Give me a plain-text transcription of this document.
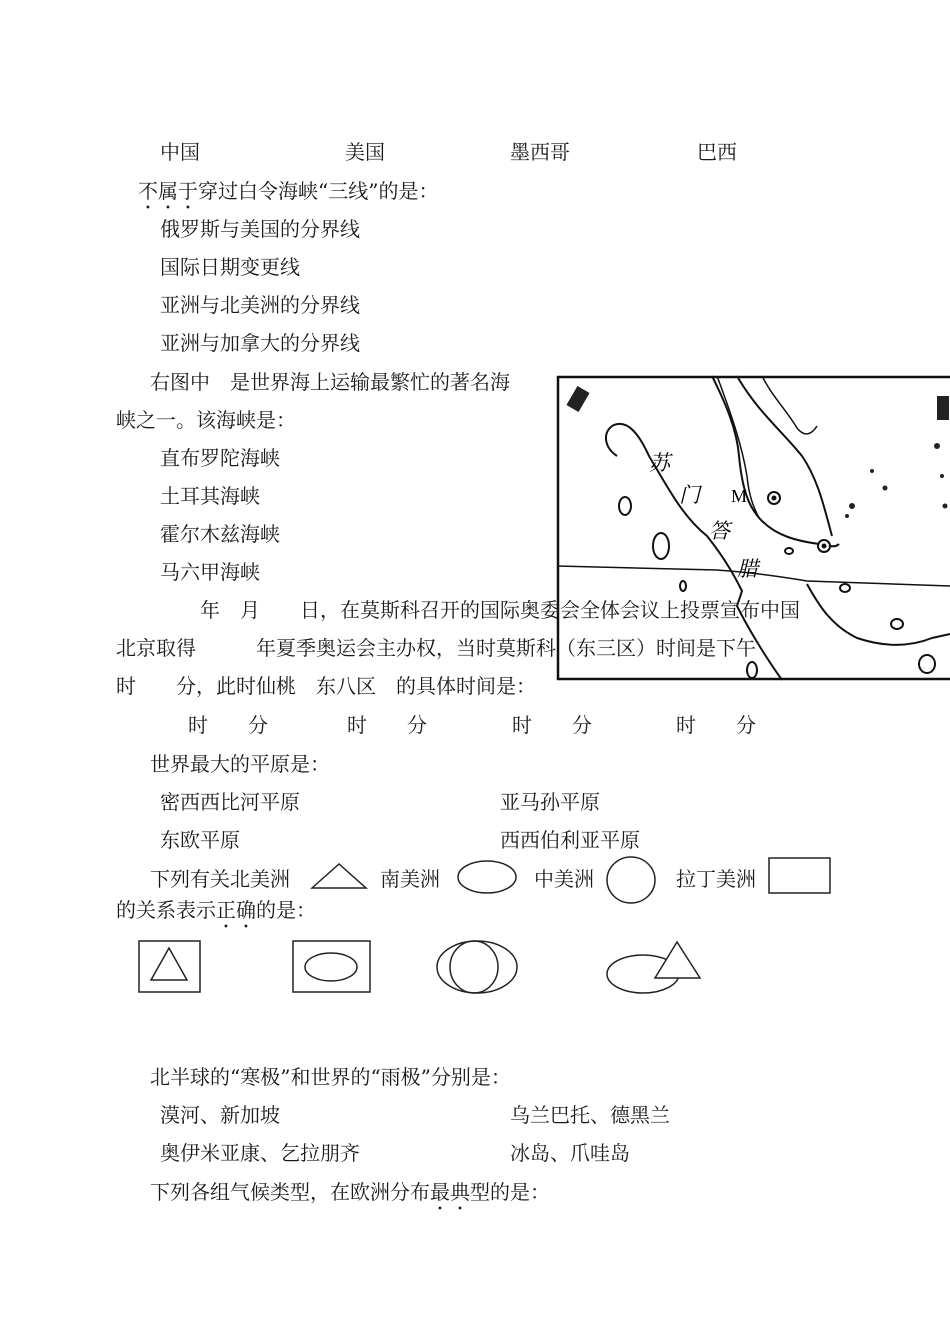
中国	美国	墨西哥	巴西
不属于穿过白令海峡“三线”的是：
俄罗斯与美国的分界线
国际日期变更线
亚洲与北美洲的分界线
亚洲与加拿大的分界线
右图中　是世界海上运输最繁忙的著名海
峡之一。该海峡是：
直布罗陀海峡
土耳其海峡
霍尔木兹海峡
马六甲海峡
苏
门
答
腊
M
年　月　　日，在莫斯科召开的国际奥委会全体会议上投票宣布中国
北京取得　　　年夏季奥运会主办权，当时莫斯科（东三区）时间是下午
时　　分，此时仙桃　东八区　的具体时间是：
时　　分	时　　分	时　　分	时　　分
世界最大的平原是：
密西西比河平原	亚马孙平原
东欧平原	西西伯利亚平原
下列有关北美洲	南美洲	中美洲	拉丁美洲
的关系表示正确的是：
北半球的“寒极”和世界的“雨极”分别是：
漠河、新加坡	乌兰巴托、德黑兰
奥伊米亚康、乞拉朋齐	冰岛、爪哇岛
下列各组气候类型，在欧洲分布最典型的是：
